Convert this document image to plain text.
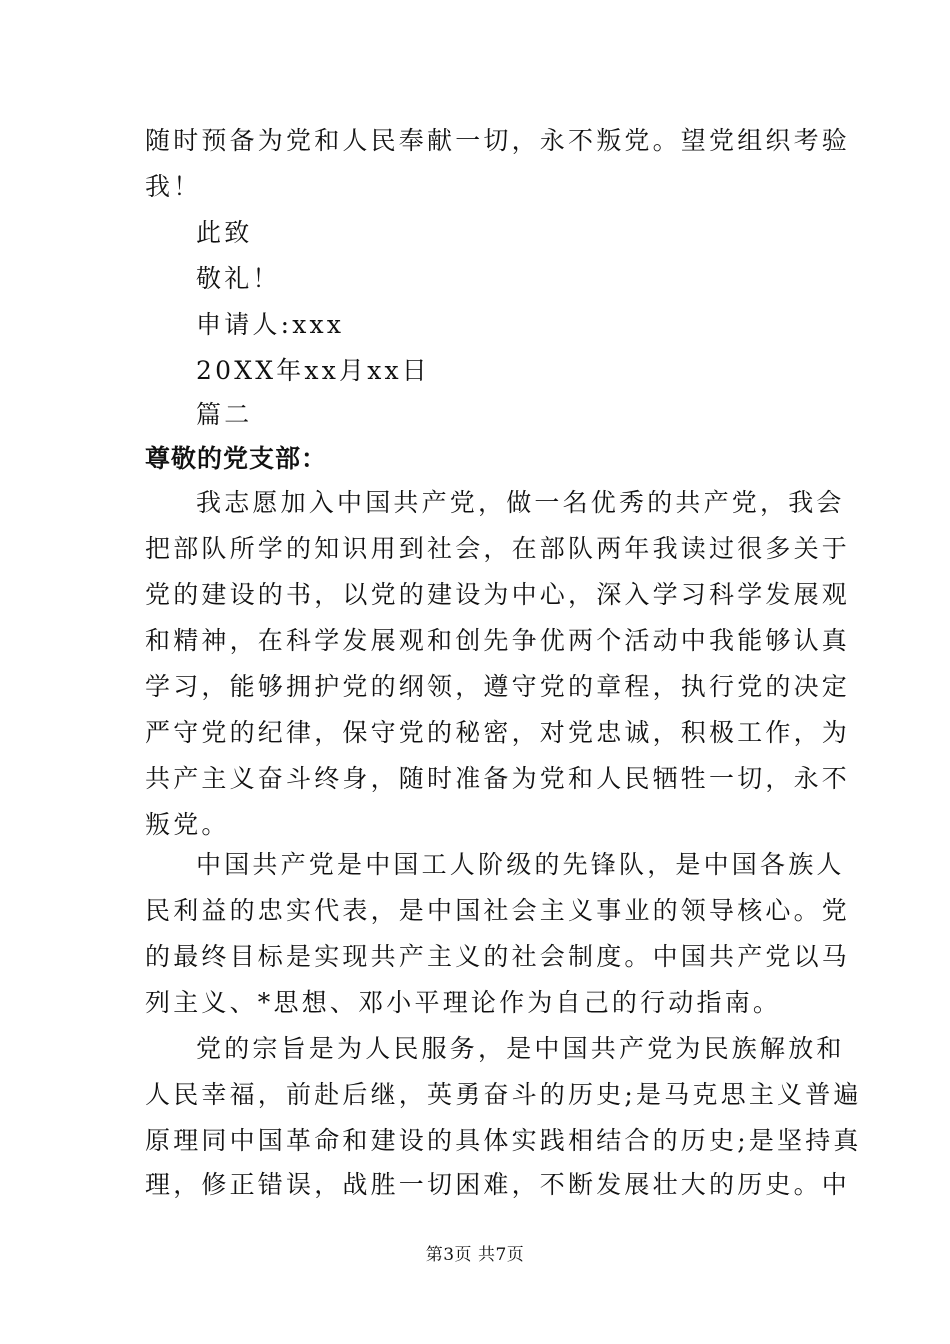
随时预备为党和人民奉献一切，永不叛党。望党组织考验
我！
此致
敬礼！
申请人:xxx
20XX年xx月xx日
篇二
尊敬的党支部：
我志愿加入中国共产党，做一名优秀的共产党，我会
把部队所学的知识用到社会，在部队两年我读过很多关于
党的建设的书，以党的建设为中心，深入学习科学发展观
和精神，在科学发展观和创先争优两个活动中我能够认真
学习，能够拥护党的纲领，遵守党的章程，执行党的决定
严守党的纪律，保守党的秘密，对党忠诚，积极工作，为
共产主义奋斗终身，随时准备为党和人民牺牲一切，永不
叛党。
中国共产党是中国工人阶级的先锋队，是中国各族人
民利益的忠实代表，是中国社会主义事业的领导核心。党
的最终目标是实现共产主义的社会制度。中国共产党以马
列主义、*思想、邓小平理论作为自己的行动指南。
党的宗旨是为人民服务，是中国共产党为民族解放和
人民幸福，前赴后继，英勇奋斗的历史;是马克思主义普遍
原理同中国革命和建设的具体实践相结合的历史;是坚持真
理，修正错误，战胜一切困难，不断发展壮大的历史。中
第3页 共7页
